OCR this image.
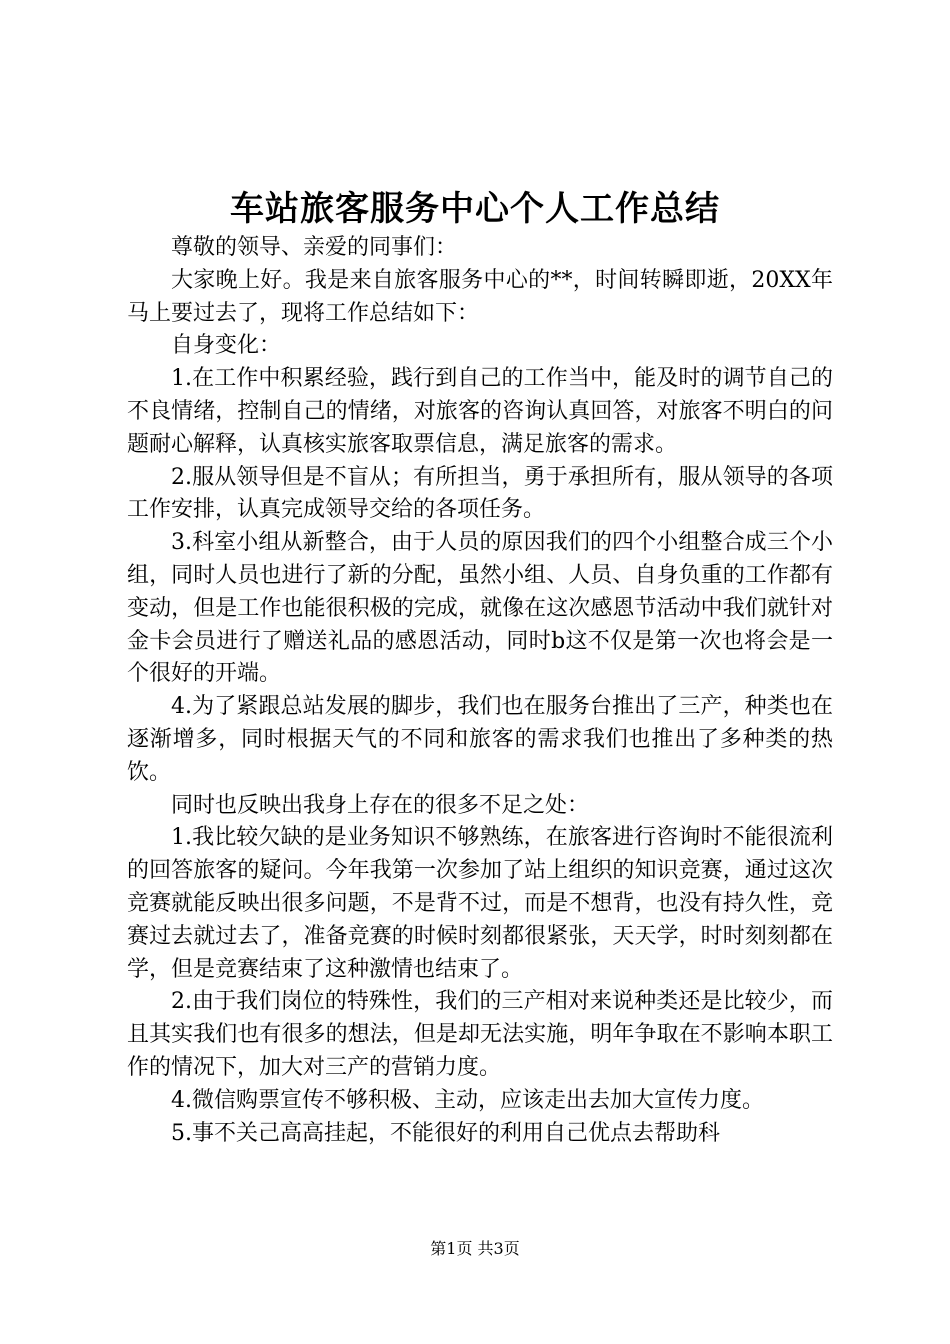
车站旅客服务中心个人工作总结

尊敬的领导、亲爱的同事们：

大家晚上好。我是来自旅客服务中心的**，时间转瞬即逝，20XX年马上要过去了，现将工作总结如下：

自身变化：

1.在工作中积累经验，践行到自己的工作当中，能及时的调节自己的不良情绪，控制自己的情绪，对旅客的咨询认真回答，对旅客不明白的问题耐心解释，认真核实旅客取票信息，满足旅客的需求。

2.服从领导但是不盲从；有所担当，勇于承担所有，服从领导的各项工作安排，认真完成领导交给的各项任务。

3.科室小组从新整合，由于人员的原因我们的四个小组整合成三个小组，同时人员也进行了新的分配，虽然小组、人员、自身负重的工作都有变动，但是工作也能很积极的完成，就像在这次感恩节活动中我们就针对金卡会员进行了赠送礼品的感恩活动，同时b这不仅是第一次也将会是一个很好的开端。

4.为了紧跟总站发展的脚步，我们也在服务台推出了三产，种类也在逐渐增多，同时根据天气的不同和旅客的需求我们也推出了多种类的热饮。

同时也反映出我身上存在的很多不足之处：

1.我比较欠缺的是业务知识不够熟练，在旅客进行咨询时不能很流利的回答旅客的疑问。今年我第一次参加了站上组织的知识竞赛，通过这次竞赛就能反映出很多问题，不是背不过，而是不想背，也没有持久性，竞赛过去就过去了，准备竞赛的时候时刻都很紧张，天天学，时时刻刻都在学，但是竞赛结束了这种激情也结束了。

2.由于我们岗位的特殊性，我们的三产相对来说种类还是比较少，而且其实我们也有很多的想法，但是却无法实施，明年争取在不影响本职工作的情况下，加大对三产的营销力度。

4.微信购票宣传不够积极、主动，应该走出去加大宣传力度。

5.事不关己高高挂起，不能很好的利用自己优点去帮助科

第1页 共3页
